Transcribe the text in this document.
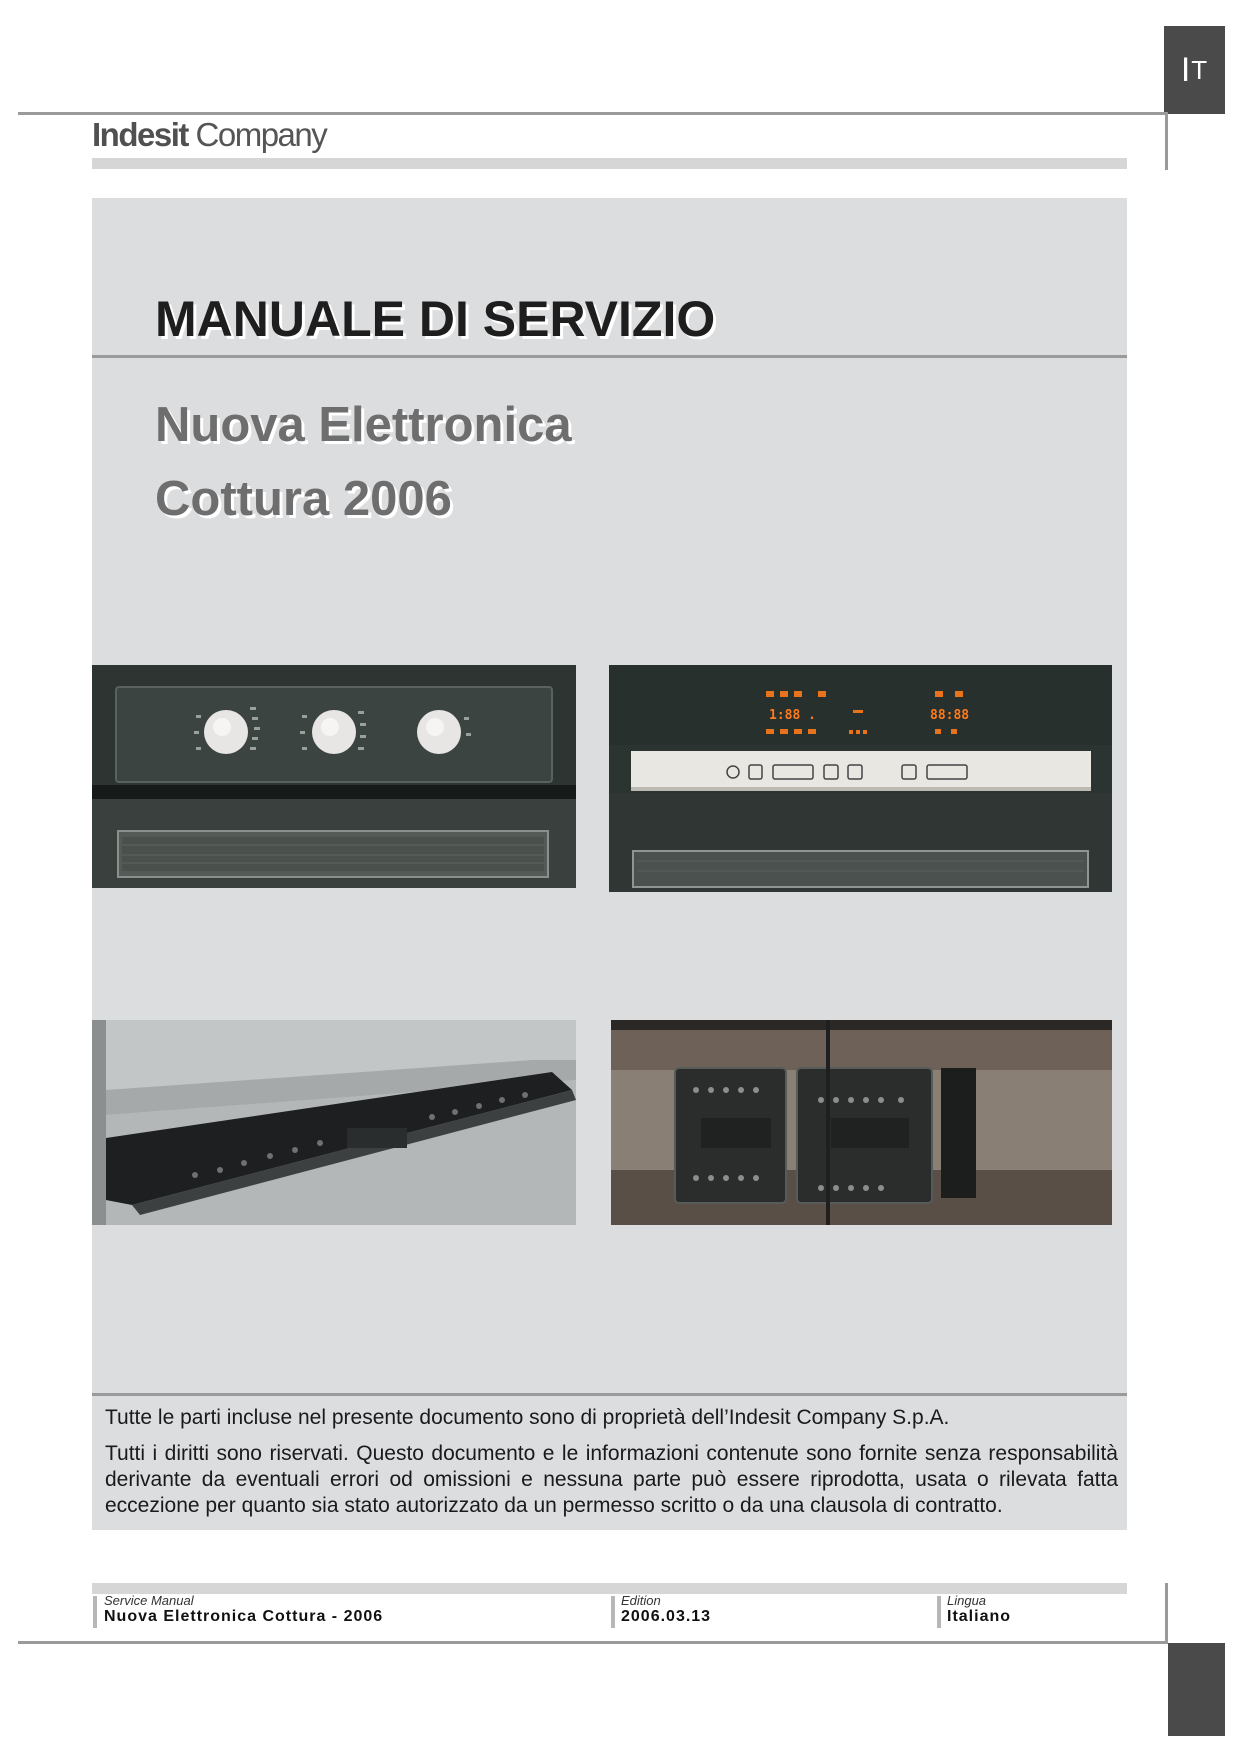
I T
Indesit Company
MANUALE DI SERVIZIO
Nuova Elettronica
Cottura 2006
1:88 .	88:88

Tutte le parti incluse nel presente documento sono di proprietà dell’Indesit Company S.p.A.

Tutti i diritti sono riservati. Questo documento e le informazioni contenute sono fornite senza responsabilità derivante da eventuali errori od omissioni e nessuna parte può essere riprodotta, usata o rilevata fatta eccezione per quanto sia stato autorizzato da un permesso scritto o da una clausola di contratto.

Service Manual
Nuova Elettronica Cottura - 2006
Edition
2006.03.13
Lingua
Italiano
